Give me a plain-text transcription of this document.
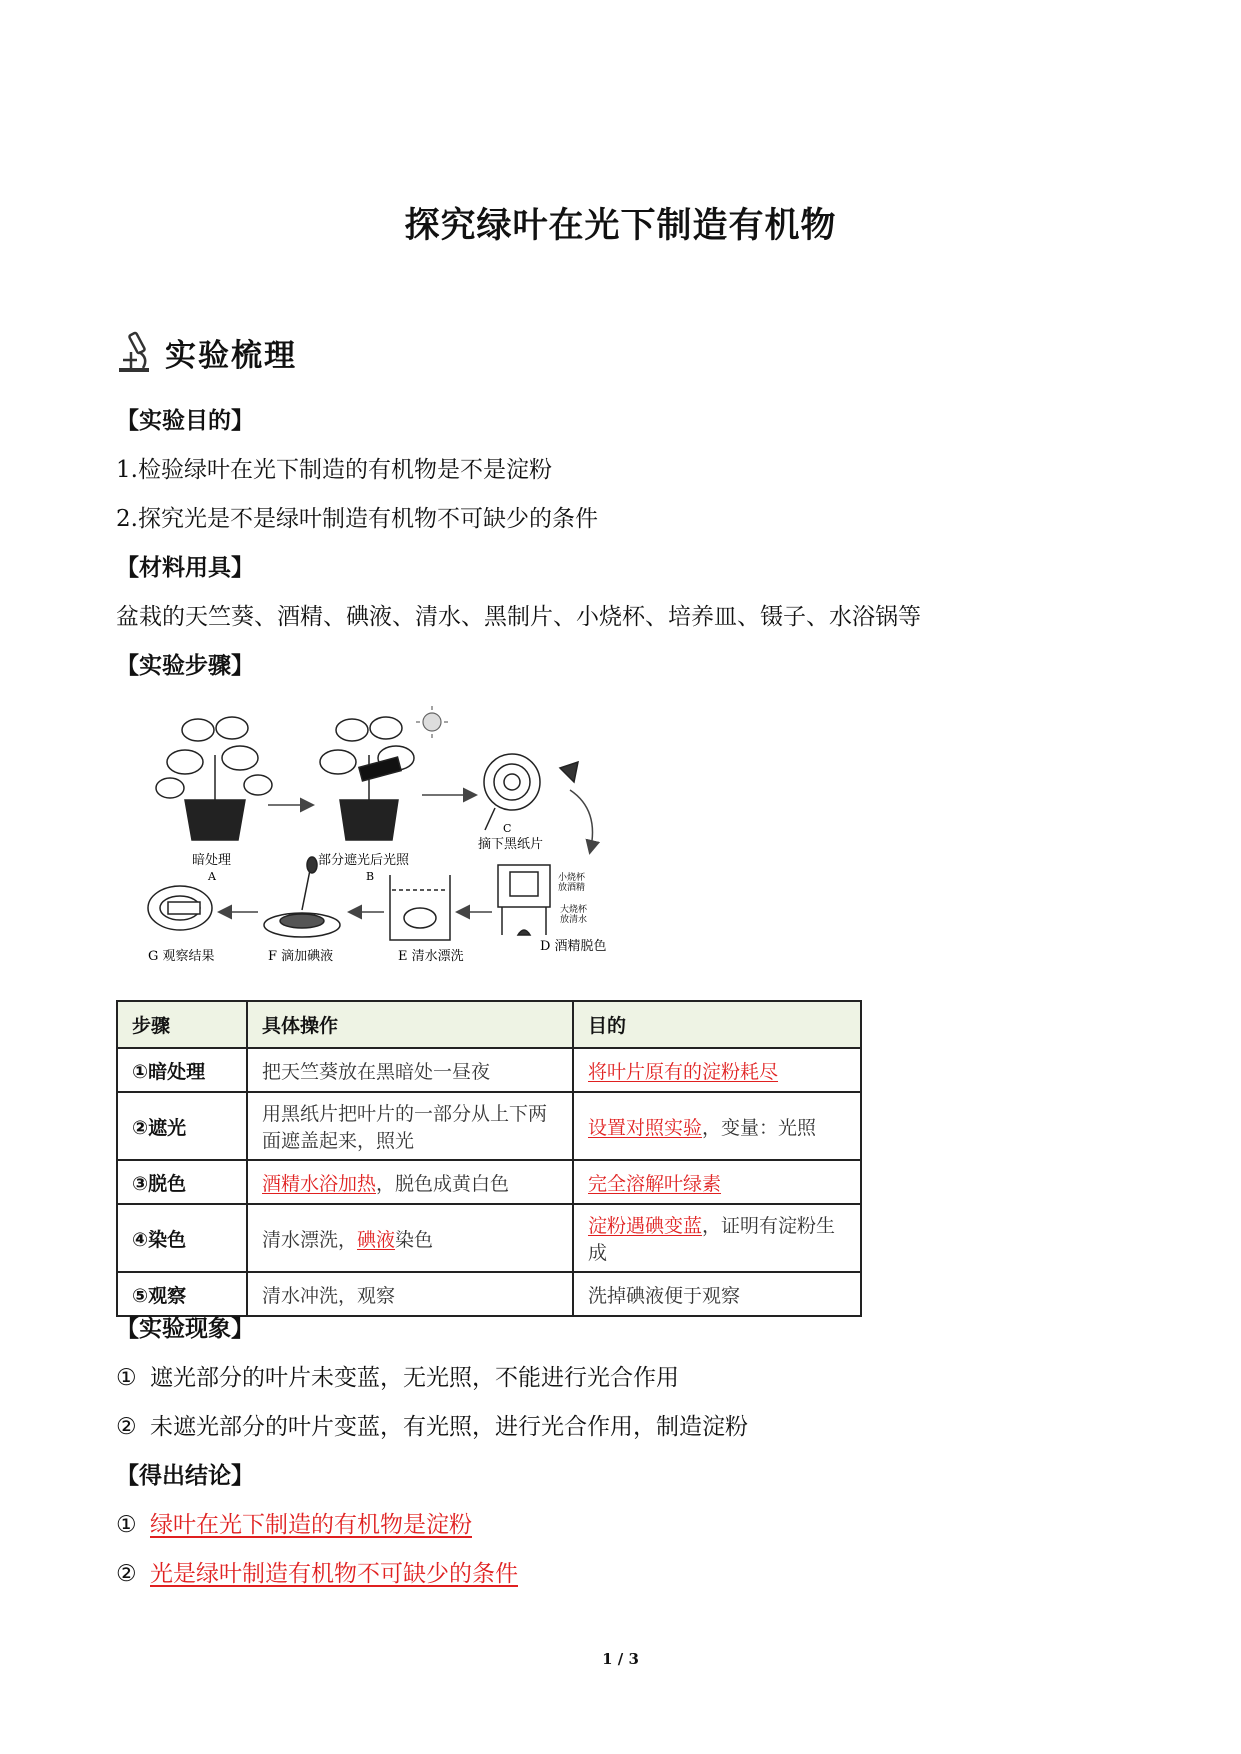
探究绿叶在光下制造有机物
实验梳理
【实验目的】
1.检验绿叶在光下制造的有机物是不是淀粉
2.探究光是不是绿叶制造有机物不可缺少的条件
【材料用具】
盆栽的天竺葵、酒精、碘液、清水、黑制片、小烧杯、培养皿、镊子、水浴锅等
【实验步骤】
暗处理
A
部分遮光后光照
B
C
摘下黑纸片
小烧杯
放酒精
大烧杯
放清水
D 酒精脱色
E 清水漂洗
F 滴加碘液
G 观察结果
步骤	具体操作	目的
①暗处理	把天竺葵放在黑暗处一昼夜	将叶片原有的淀粉耗尽
②遮光	用黑纸片把叶片的一部分从上下两面遮盖起来，照光	设置对照实验，变量：光照
③脱色	酒精水浴加热，脱色成黄白色	完全溶解叶绿素
④染色	清水漂洗，碘液染色	淀粉遇碘变蓝，证明有淀粉生成
⑤观察	清水冲洗，观察	洗掉碘液便于观察
【实验现象】
① 遮光部分的叶片未变蓝，无光照，不能进行光合作用
② 未遮光部分的叶片变蓝，有光照，进行光合作用，制造淀粉
【得出结论】
① 绿叶在光下制造的有机物是淀粉
② 光是绿叶制造有机物不可缺少的条件
1 / 3
